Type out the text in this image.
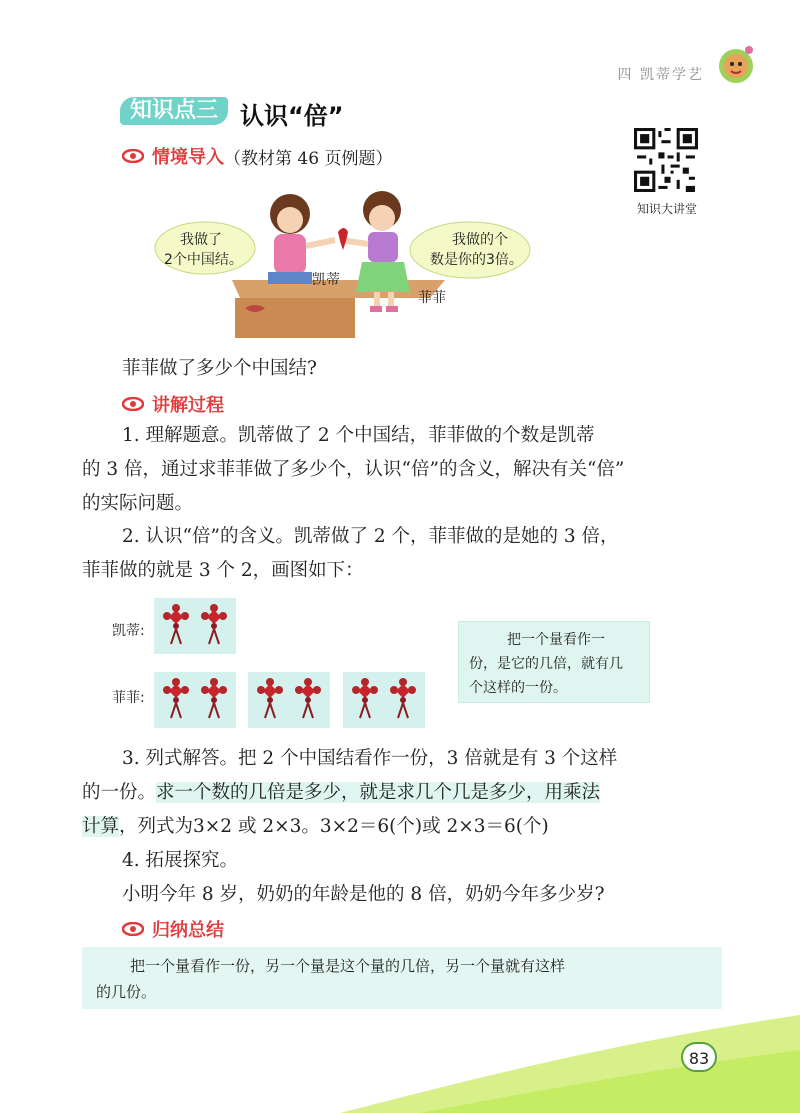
四 凯蒂学艺
知识点三 认识“倍”
情境导入 （教材第 46 页例题）
知识大讲堂
我做了
2个中国结。
我做的个
数是你的3倍。
凯蒂
菲菲
菲菲做了多少个中国结?
讲解过程
1. 理解题意。凯蒂做了 2 个中国结，菲菲做的个数是凯蒂
的 3 倍，通过求菲菲做了多少个，认识“倍”的含义，解决有关“倍”
的实际问题。
2. 认识“倍”的含义。凯蒂做了 2 个，菲菲做的是她的 3 倍，
菲菲做的就是 3 个 2，画图如下：
凯蒂:
菲菲:
把一个量看作一
份，是它的几倍，就有几
个这样的一份。
3. 列式解答。把 2 个中国结看作一份，3 倍就是有 3 个这样
的一份。求一个数的几倍是多少，就是求几个几是多少，用乘法
计算，列式为3×2 或 2×3。3×2＝6(个)或 2×3＝6(个)
4. 拓展探究。
小明今年 8 岁，奶奶的年龄是他的 8 倍，奶奶今年多少岁?
归纳总结
把一个量看作一份，另一个量是这个量的几倍，另一个量就有这样
的几份。
83
